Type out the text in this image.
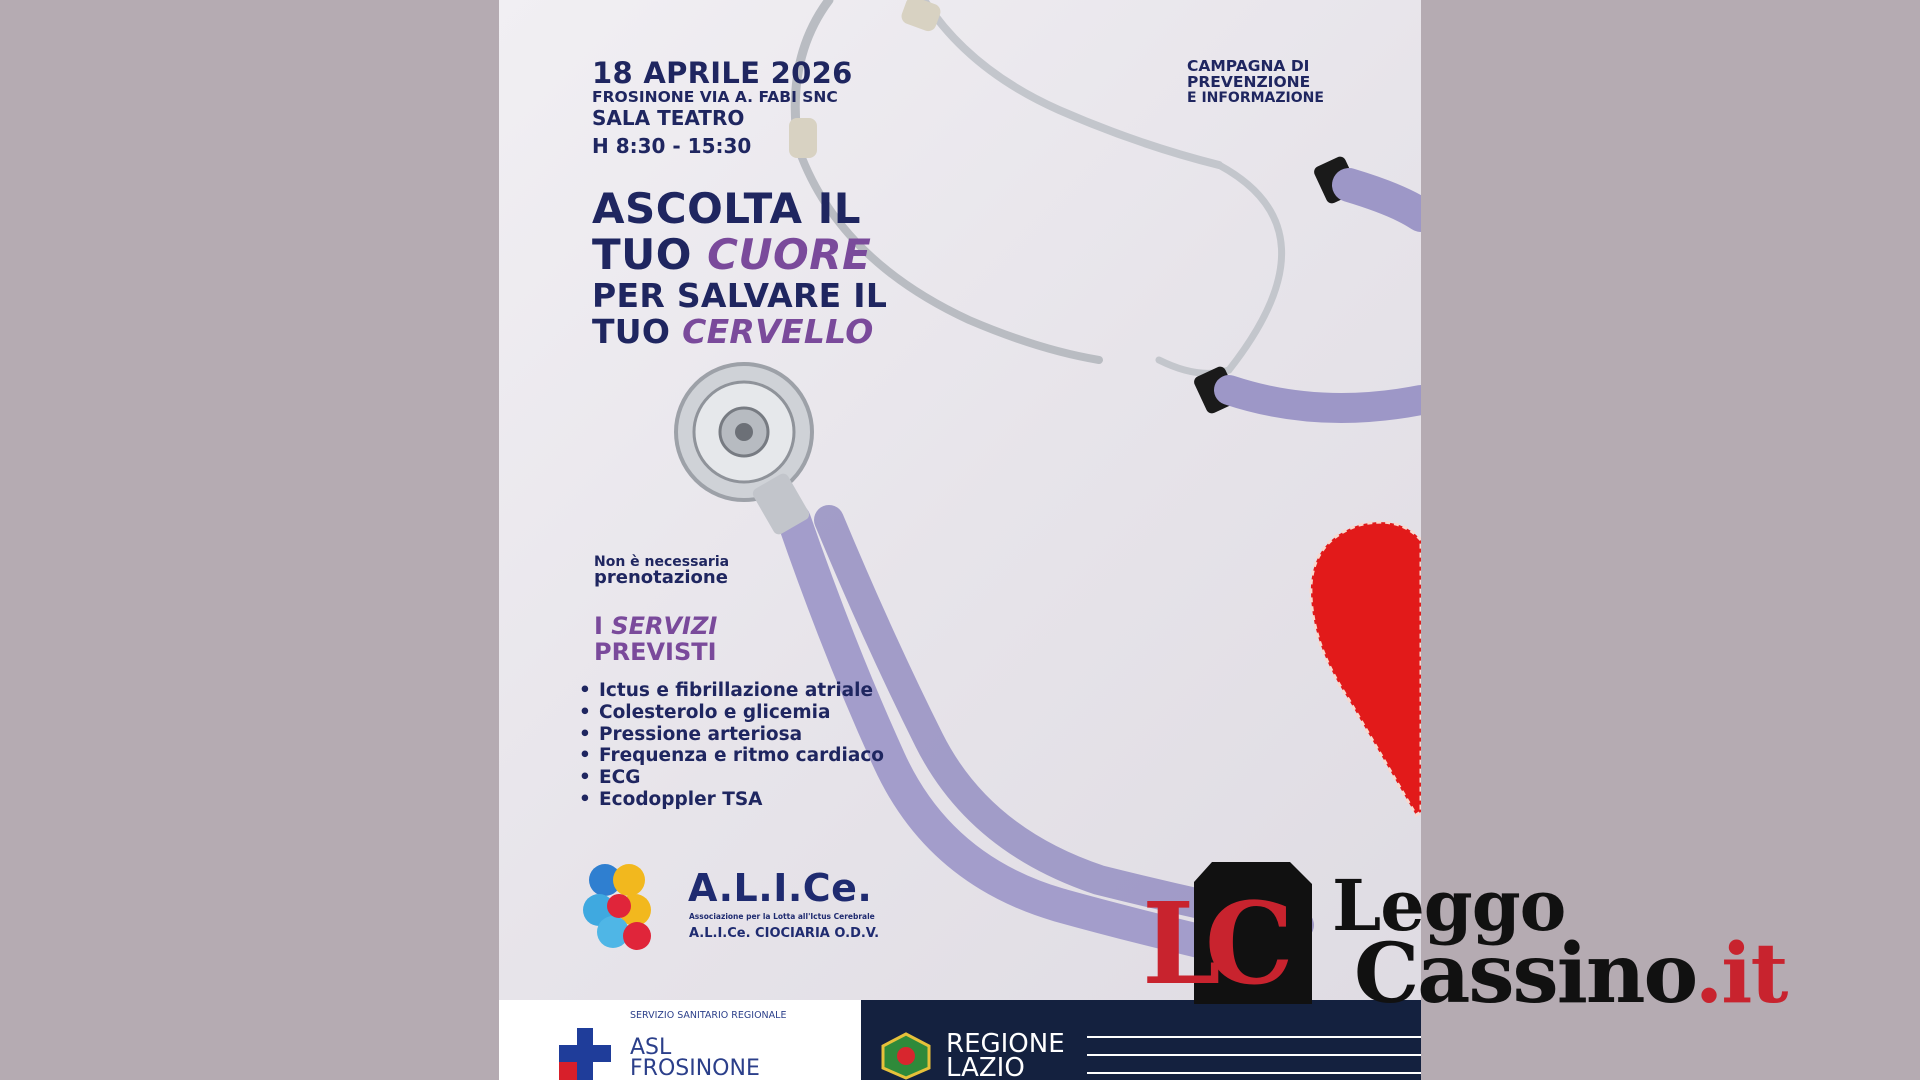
18 APRILE 2026
FROSINONE VIA A. FABI SNC
SALA TEATRO
H 8:30 - 15:30
CAMPAGNA DI
PREVENZIONE
E INFORMAZIONE
ASCOLTA IL
TUO CUORE
PER SALVARE IL
TUO CERVELLO
Non è necessaria
prenotazione
I SERVIZI
PREVISTI
• Ictus e fibrillazione atriale
• Colesterolo e glicemia
• Pressione arteriosa
• Frequenza e ritmo cardiaco
• ECG
• Ecodoppler TSA
A.L.I.Ce.
Associazione per la Lotta all'Ictus Cerebrale
A.L.I.Ce. CIOCIARIA O.D.V.
SERVIZIO SANITARIO REGIONALE
ASL
FROSINONE
REGIONE
LAZIO
LC Leggo
Cassino.it
